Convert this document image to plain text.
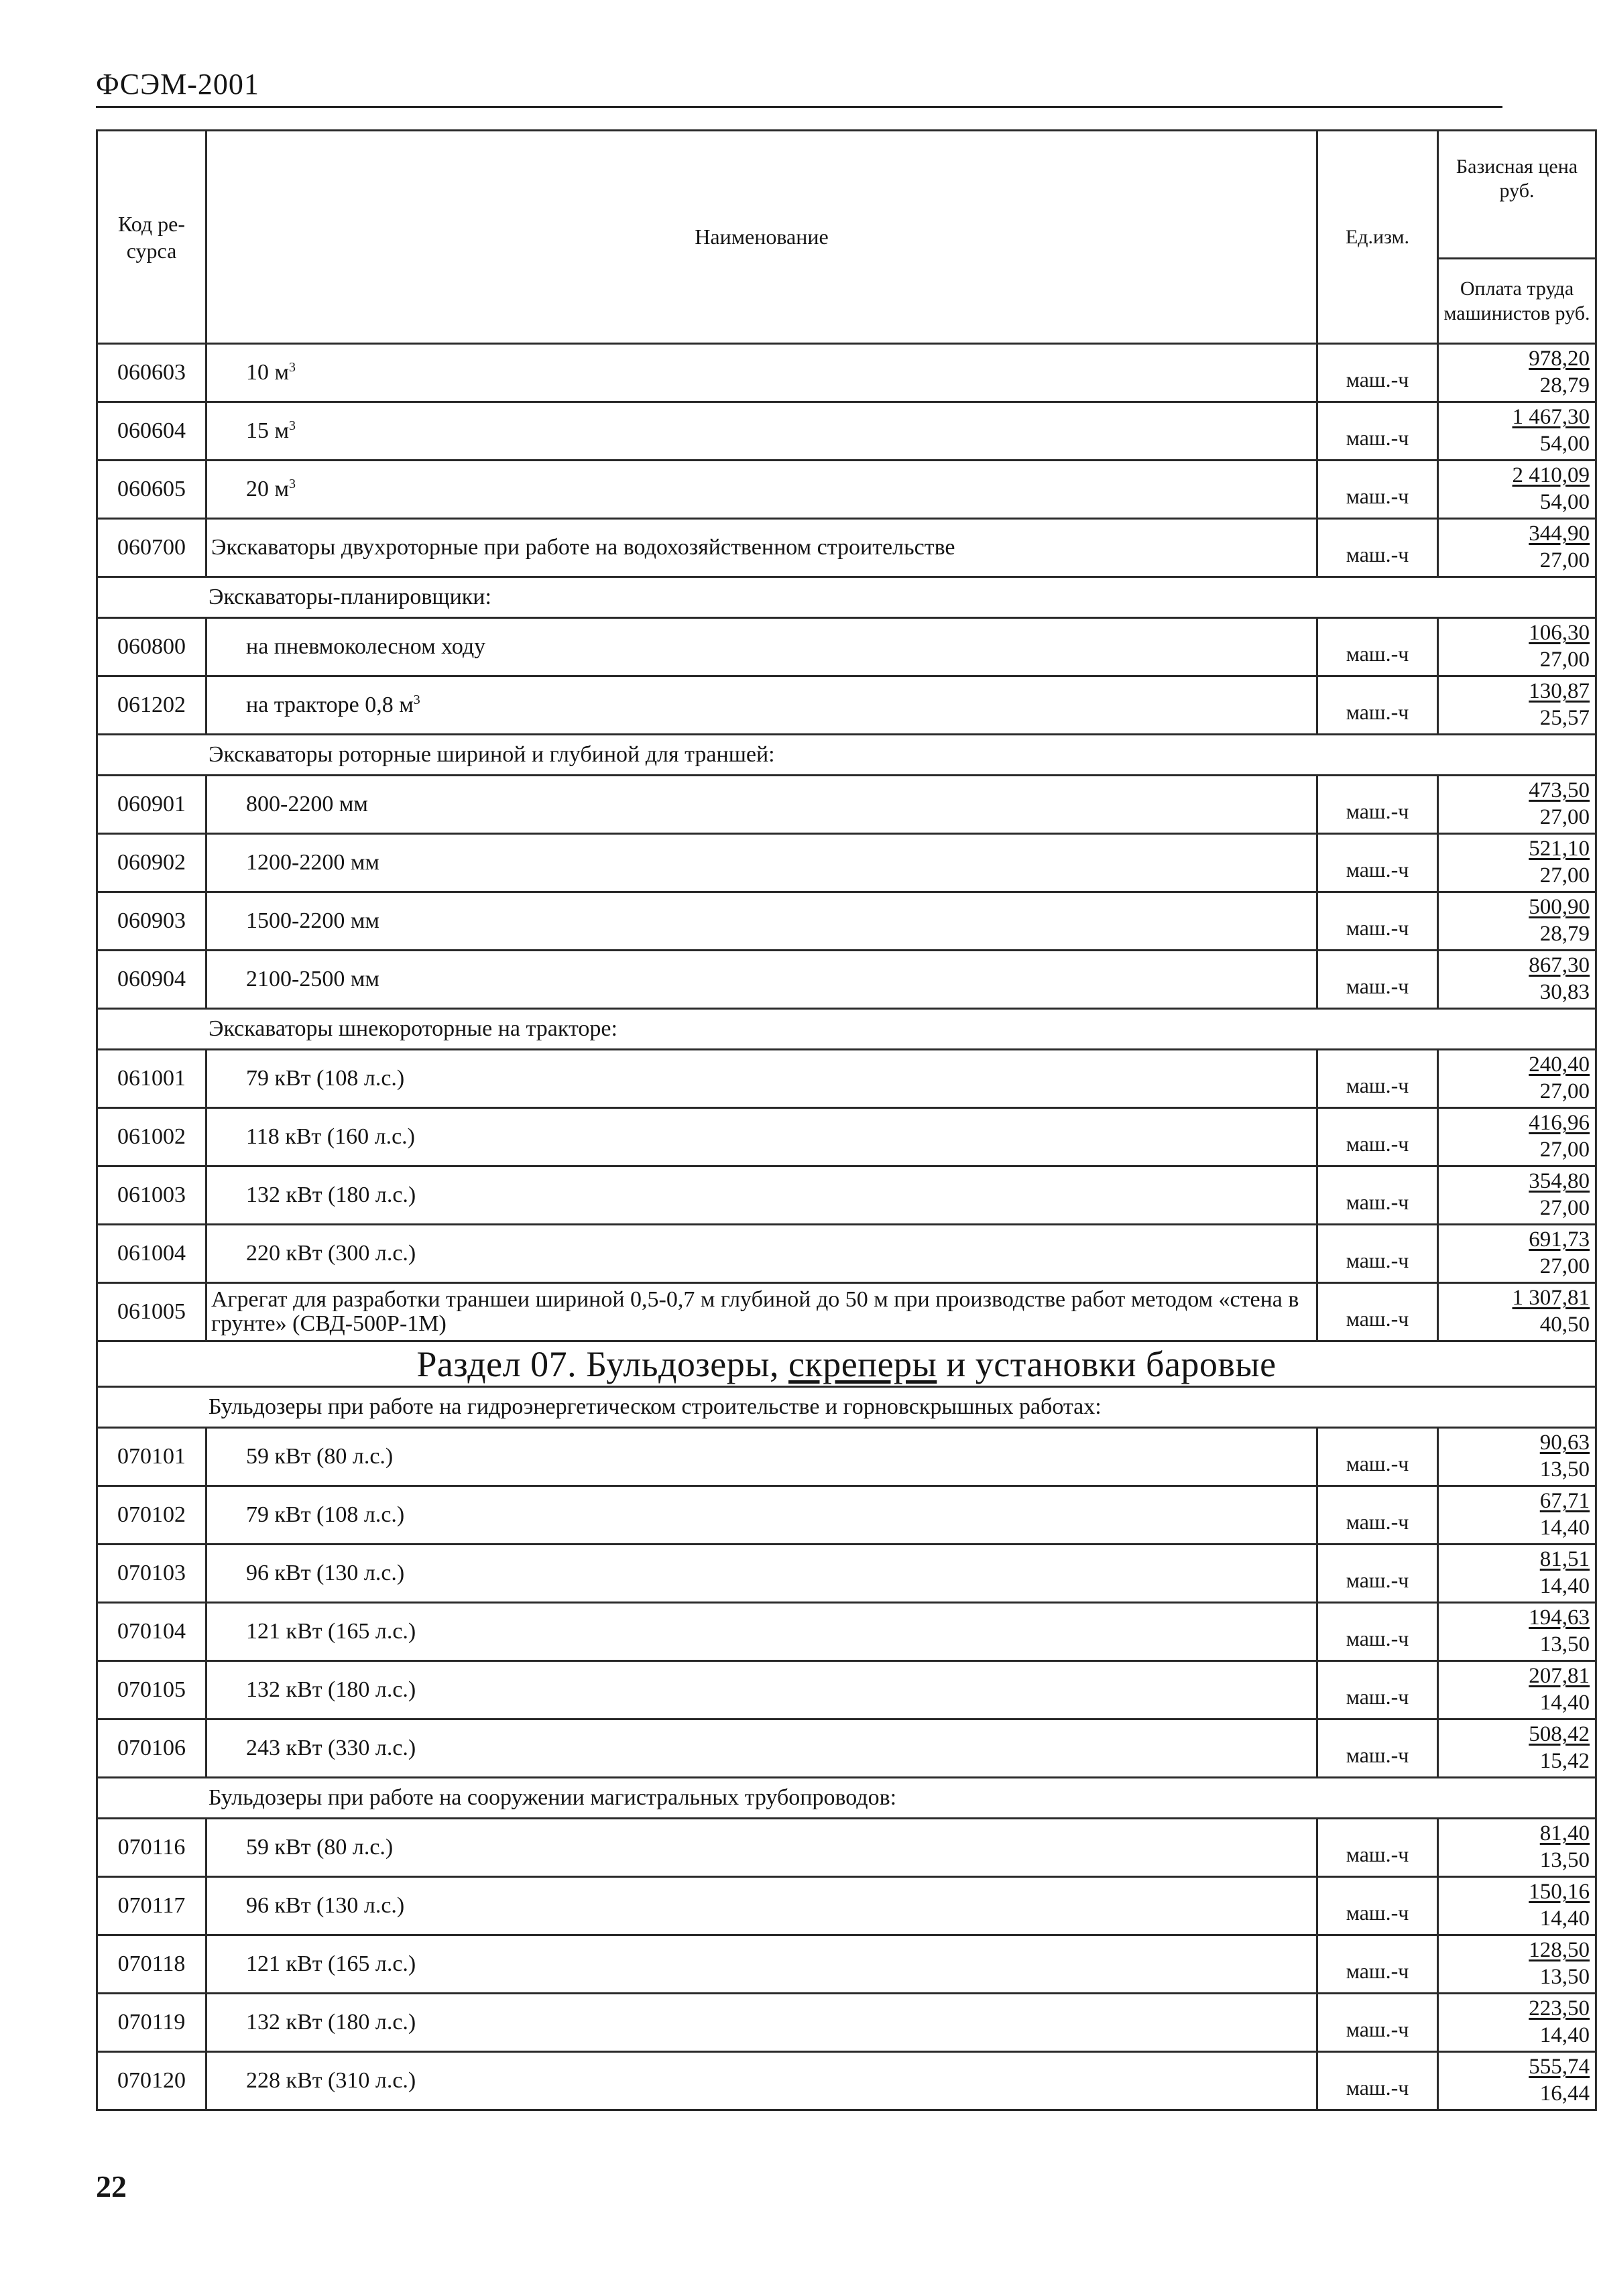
ФСЭМ-2001
Код ре-сурса	Наименование	Ед.изм.	Базисная цена руб.
Оплата труда машинистов руб.

060603	10 $м^3$	маш.-ч	978,20
28,79

060604	15 $м^3$	маш.-ч	1 467,30
54,00

060605	20 $м^3$	маш.-ч	2 410,09
54,00

060700	Экскаваторы двухроторные при работе на водохозяйственном строительстве	маш.-ч	344,90
27,00

Экскаваторы-планировщики:			
060800	на пневмоколесном ходу	маш.-ч	106,30
27,00

061202	на тракторе 0,8 $м^3$	маш.-ч	130,87
25,57

Экскаваторы роторные шириной и глубиной для траншей:			
060901	800-2200 мм	маш.-ч	473,50
27,00

060902	1200-2200 мм	маш.-ч	521,10
27,00

060903	1500-2200 мм	маш.-ч	500,90
28,79

060904	2100-2500 мм	маш.-ч	867,30
30,83

Экскаваторы шнекороторные на тракторе:			
061001	79 кВт (108 л.с.)	маш.-ч	240,40
27,00

061002	118 кВт (160 л.с.)	маш.-ч	416,96
27,00

061003	132 кВт (180 л.с.)	маш.-ч	354,80
27,00

061004	220 кВт (300 л.с.)	маш.-ч	691,73
27,00

061005	Агрегат для разработки траншеи шириной 0,5-0,7 м глубиной до 50 м при производстве работ методом «стена в грунте» (СВД-500Р-1М)	маш.-ч	1 307,81
40,50

Раздел 07. Бульдозеры, скреперы и установки баровые			
Бульдозеры при работе на гидроэнергетическом строительстве и горновскрышных работах:			
070101	59 кВт (80 л.с.)	маш.-ч	90,63
13,50

070102	79 кВт (108 л.с.)	маш.-ч	67,71
14,40

070103	96 кВт (130 л.с.)	маш.-ч	81,51
14,40

070104	121 кВт (165 л.с.)	маш.-ч	194,63
13,50

070105	132 кВт (180 л.с.)	маш.-ч	207,81
14,40

070106	243 кВт (330 л.с.)	маш.-ч	508,42
15,42

Бульдозеры при работе на сооружении магистральных трубопроводов:			
070116	59 кВт (80 л.с.)	маш.-ч	81,40
13,50

070117	96 кВт (130 л.с.)	маш.-ч	150,16
14,40

070118	121 кВт (165 л.с.)	маш.-ч	128,50
13,50

070119	132 кВт (180 л.с.)	маш.-ч	223,50
14,40

070120	228 кВт (310 л.с.)	маш.-ч	555,74
16,44
22
